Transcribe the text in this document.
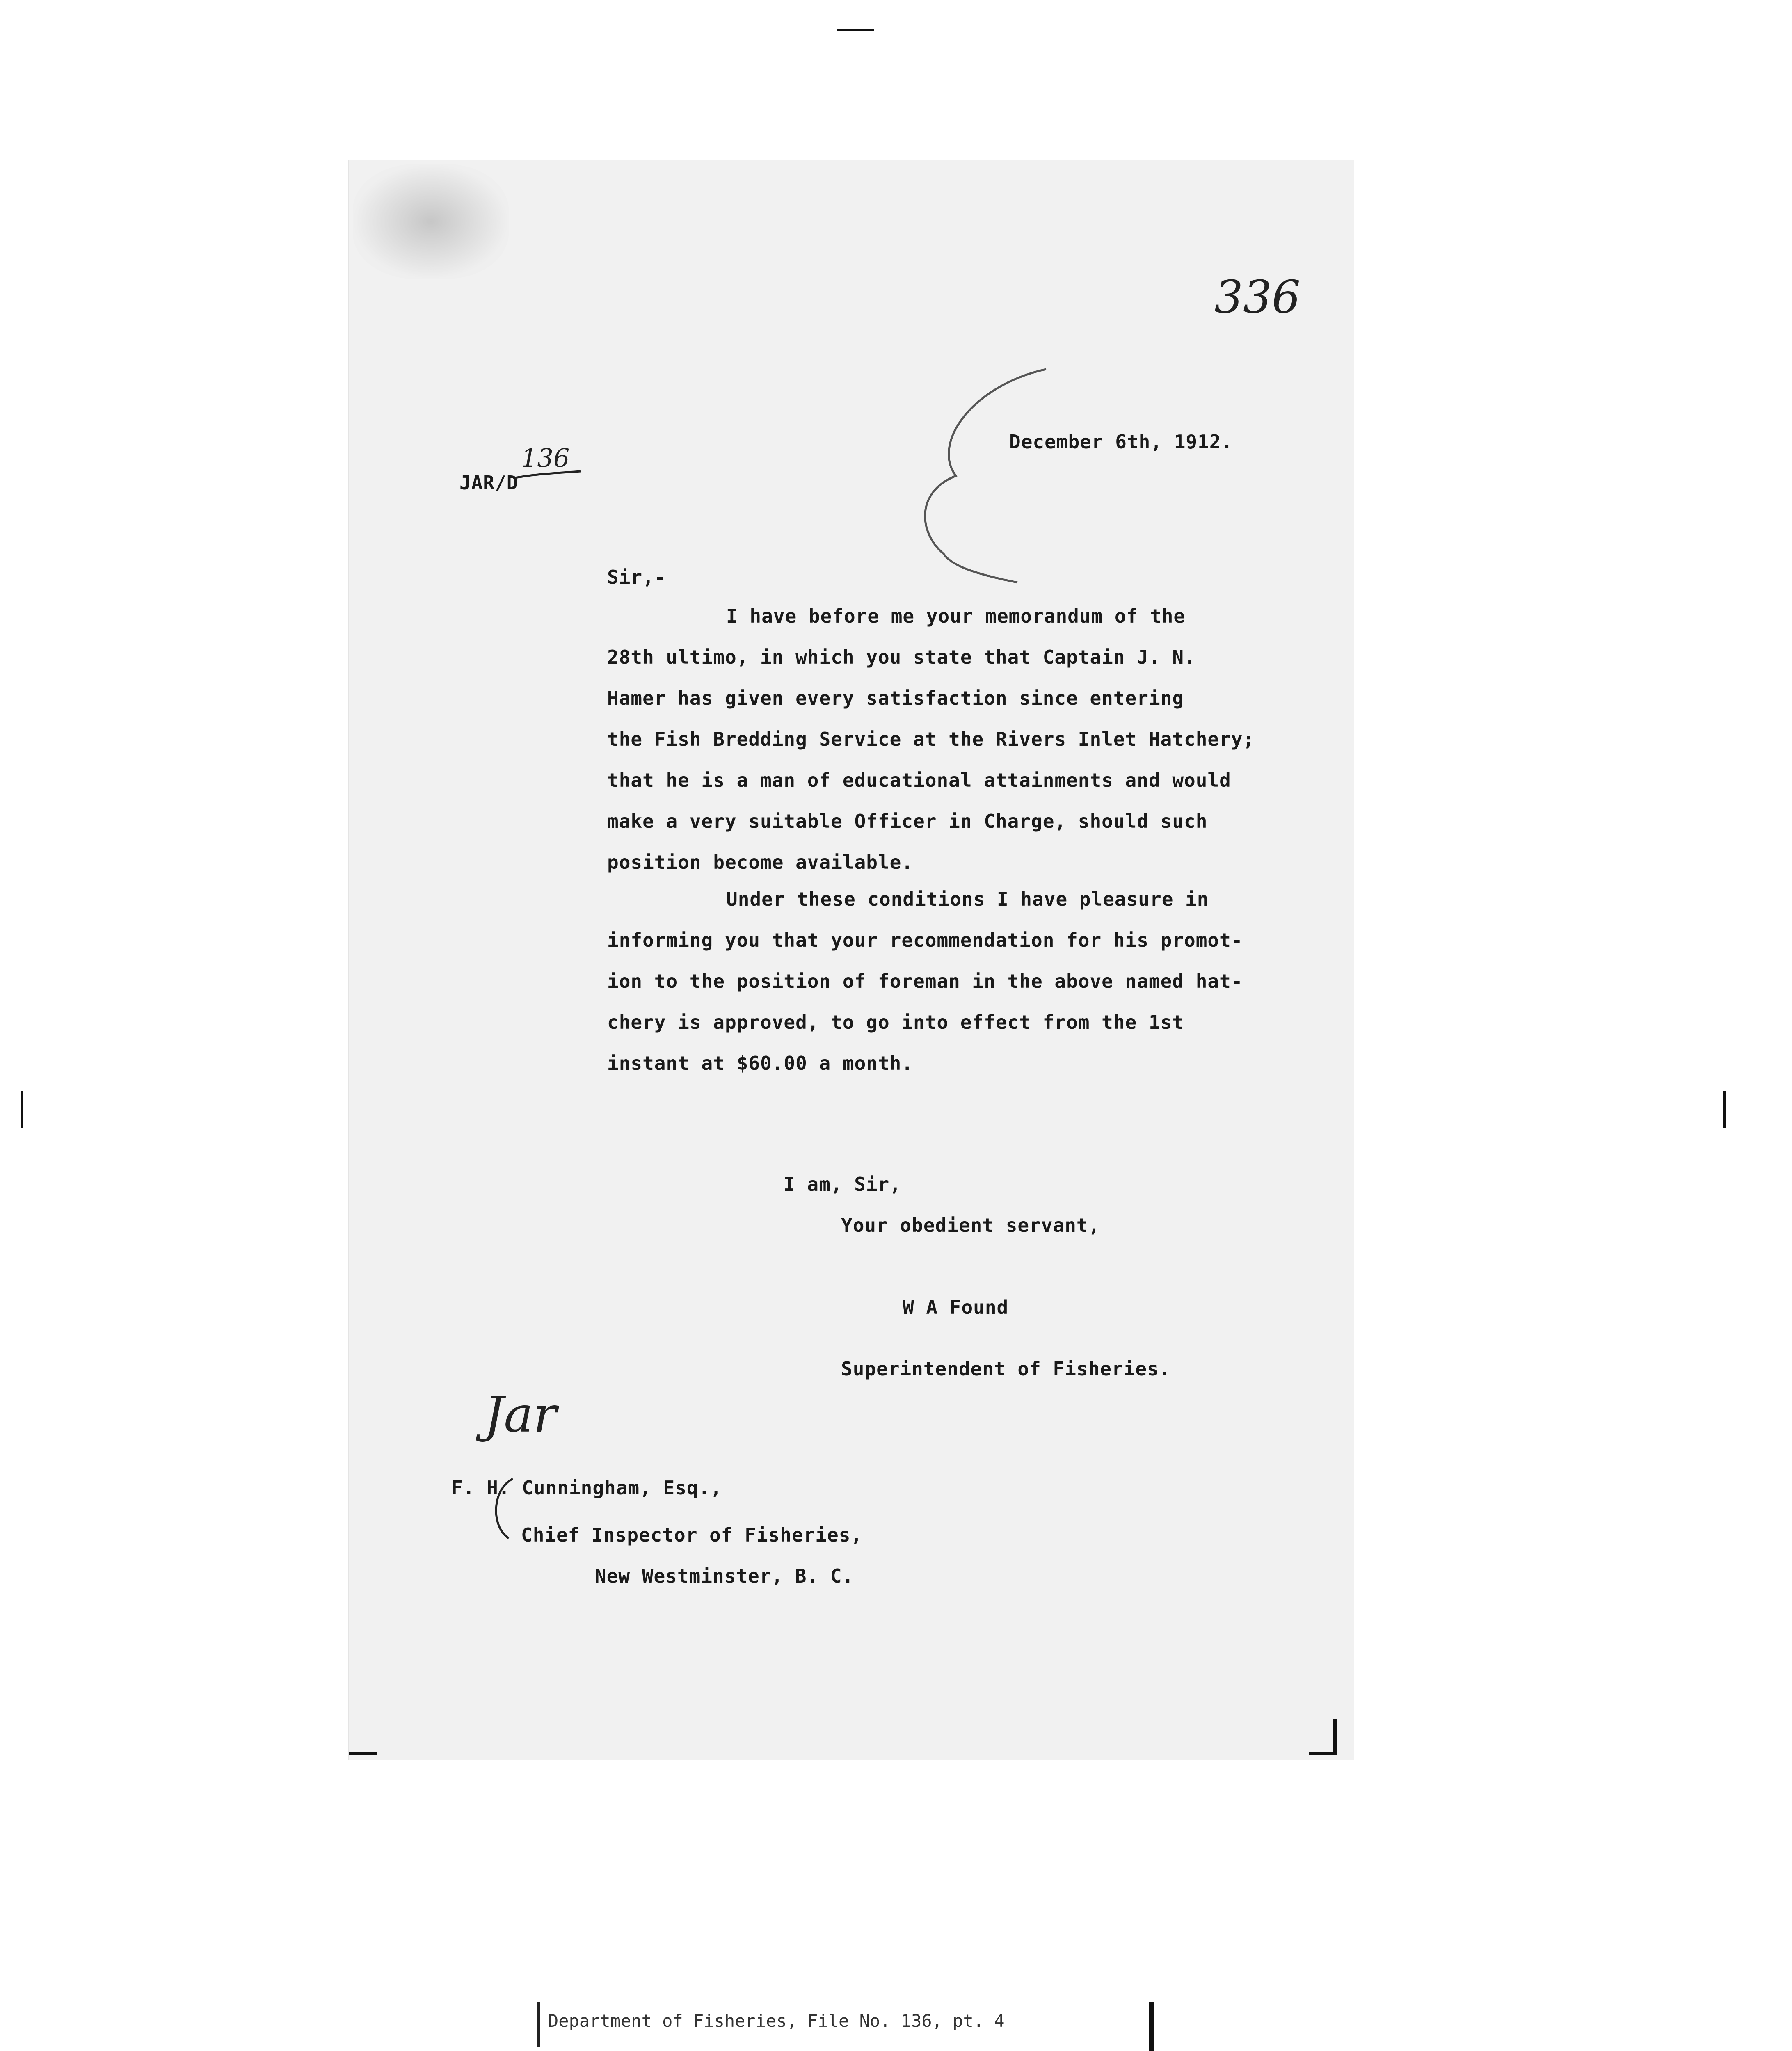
336
JAR/D
136
December 6th, 1912.
Sir,-
I have before me your memorandum of the
28th ultimo, in which you state that Captain J. N.
Hamer has given every satisfaction since entering
the Fish Bredding Service at the Rivers Inlet Hatchery;
that he is a man of educational attainments and would
make a very suitable Officer in Charge, should such
position become available.
Under these conditions I have pleasure in
informing you that your recommendation for his promot-
ion to the position of foreman in the above named hat-
chery is approved, to go into effect from the 1st
instant at $60.00 a month.
I am, Sir,
Your obedient servant,
W A Found
Superintendent of Fisheries.
Jar
F. H. Cunningham, Esq.,
Chief Inspector of Fisheries,
New Westminster, B. C.
Department of Fisheries, File No. 136, pt. 4
